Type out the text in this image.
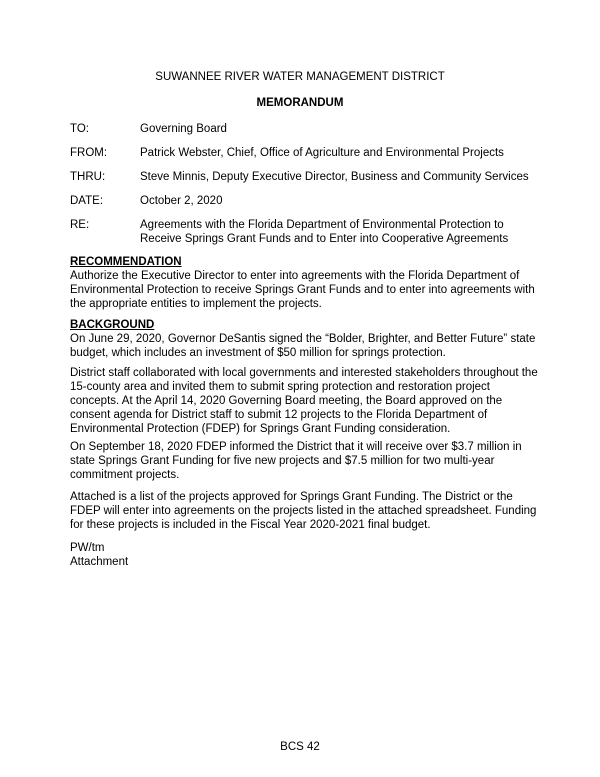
SUWANNEE RIVER WATER MANAGEMENT DISTRICT
MEMORANDUM
TO:	Governing Board
FROM:	Patrick Webster, Chief, Office of Agriculture and Environmental Projects
THRU:	Steve Minnis, Deputy Executive Director, Business and Community Services
DATE:	October 2, 2020
RE:	Agreements with the Florida Department of Environmental Protection to Receive Springs Grant Funds and to Enter into Cooperative Agreements
RECOMMENDATION
Authorize the Executive Director to enter into agreements with the Florida Department of Environmental Protection to receive Springs Grant Funds and to enter into agreements with the appropriate entities to implement the projects.
BACKGROUND
On June 29, 2020, Governor DeSantis signed the “Bolder, Brighter, and Better Future” state budget, which includes an investment of $50 million for springs protection.
District staff collaborated with local governments and interested stakeholders throughout the 15-county area and invited them to submit spring protection and restoration project concepts. At the April 14, 2020 Governing Board meeting, the Board approved on the consent agenda for District staff to submit 12 projects to the Florida Department of Environmental Protection (FDEP) for Springs Grant Funding consideration.
On September 18, 2020 FDEP informed the District that it will receive over $3.7 million in state Springs Grant Funding for five new projects and $7.5 million for two multi-year commitment projects.
Attached is a list of the projects approved for Springs Grant Funding. The District or the FDEP will enter into agreements on the projects listed in the attached spreadsheet. Funding for these projects is included in the Fiscal Year 2020-2021 final budget.
PW/tm
Attachment
BCS 42
